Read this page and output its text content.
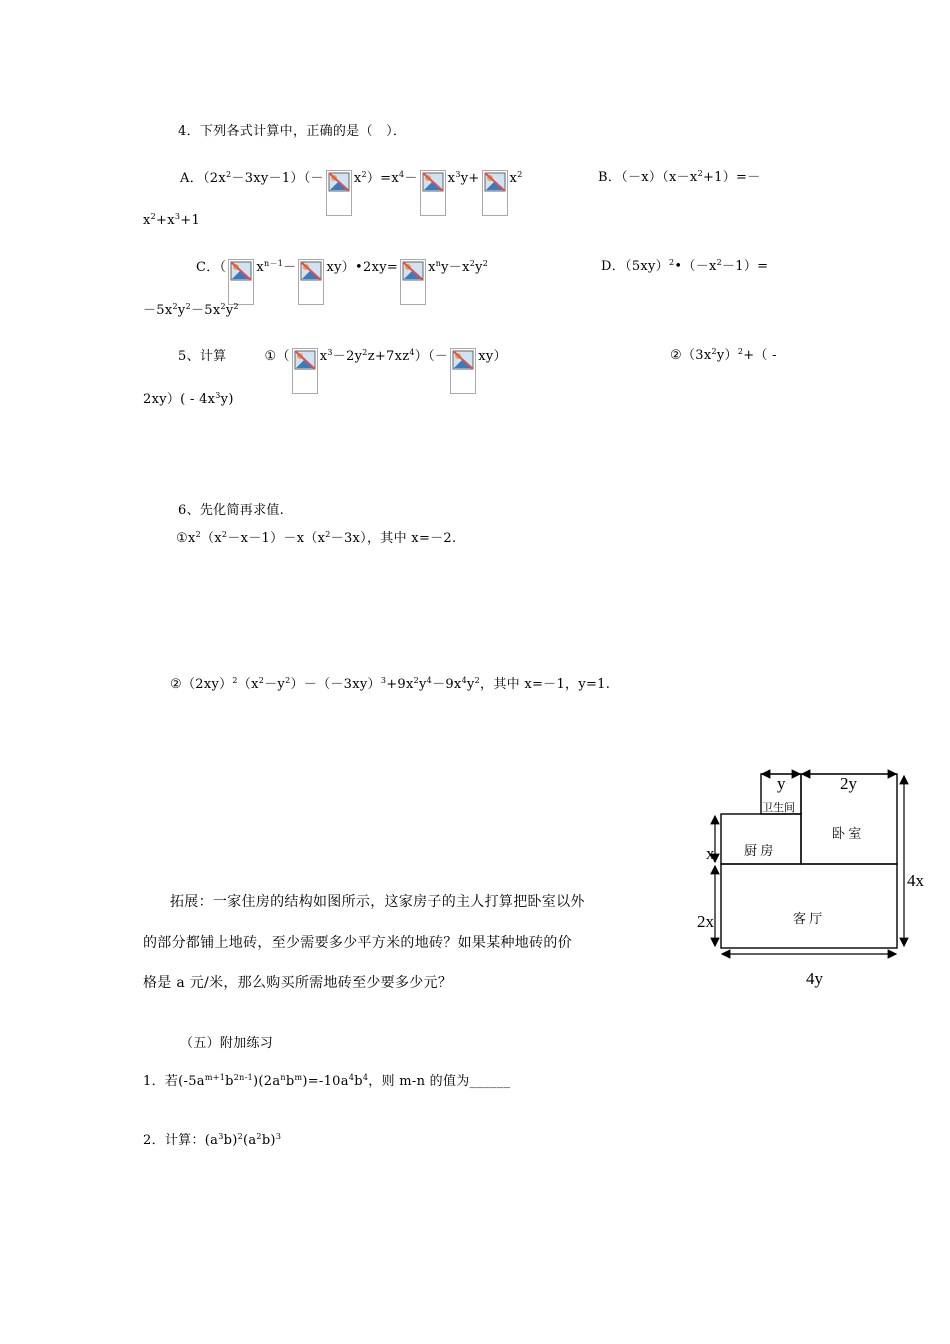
4．下列各式计算中，正确的是（　）．
A．$(2x^2-3xy-1)(- x^2)=x^4- x^3y+ x^2$	B．$(-x)(x-x^2+1)=-$
$x^2+x^3+1$
C．（ $x^{n-1}-$ xy）•2xy= $x^ny-x^2y^2$	D．$(5xy)^2•(-x^2-1)=$
$-5x^2y^2-5x^2y^2$
5、计算	①（ $x^3-2y^2z+7xz^4)(- xy)$	$②(3x^2y)^2+$（ -
$2xy)( - 4x^3y)$
6、先化简再求值.
$①x^2(x^2-x-1)-x(x^2-3x)$，其中 x=－2.
$②(2xy)^2(x^2-y^2)-(-3xy)^3+9x^2y^4-9x^4y^2$，其中 x=－1，y=1.
拓展：一家住房的结构如图所示，这家房子的主人打算把卧室以外
的部分都铺上地砖，至少需要多少平方米的地砖？如果某种地砖的价
格是 a 元/米，那么购买所需地砖至少要多少元？
y	2y
卫生间
卧 室
厨 房
客 厅
x
2x
4x
4y
（五）附加练习
1．若$(-5a^{m+1}b^{2n-1})(2a^nb^m)=-10a^4b^4$，则 m-n 的值为______
2．计算：$(a^3b)^2(a^2b)^3$
